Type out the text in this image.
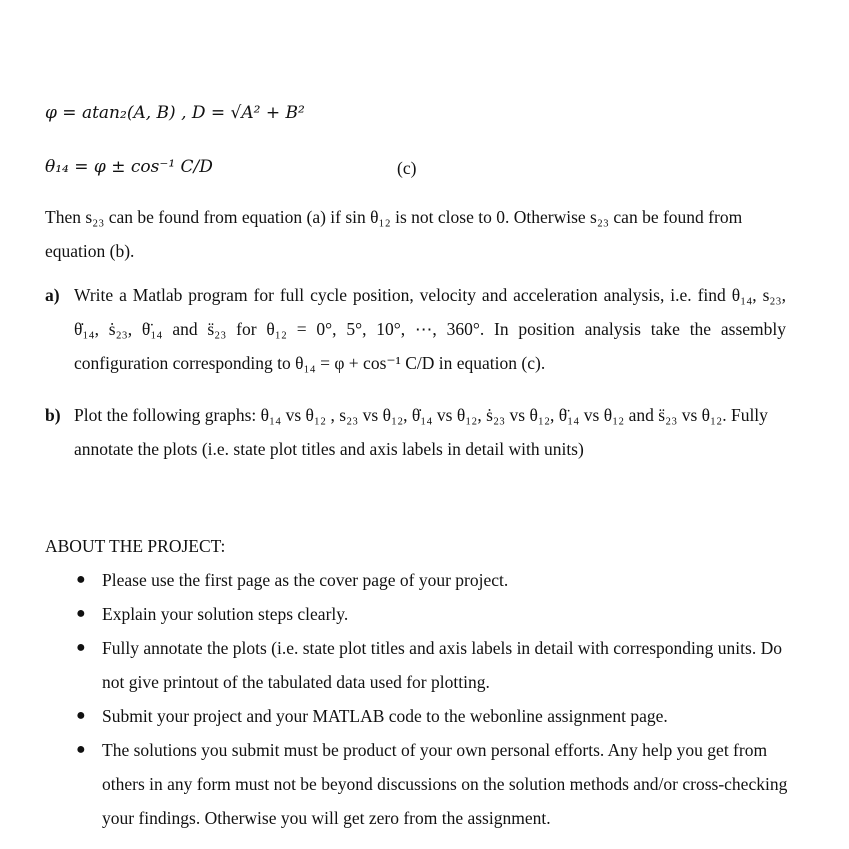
φ = atan₂(A, B) , D = √A² + B²
θ₁₄ = φ ± cos⁻¹ C/D	(c)
Then s₂₃ can be found from equation (a) if sin θ₁₂ is not close to 0. Otherwise s₂₃ can be found from equation (b).
a) Write a Matlab program for full cycle position, velocity and acceleration analysis, i.e. find θ₁₄, s₂₃, θ̇₁₄, ṡ₂₃, θ̈₁₄ and s̈₂₃ for θ₁₂ = 0°, 5°, 10°, ⋯, 360°. In position analysis take the assembly configuration corresponding to θ₁₄ = φ + cos⁻¹ C/D in equation (c).
b) Plot the following graphs: θ₁₄ vs θ₁₂ , s₂₃ vs θ₁₂, θ̇₁₄ vs θ₁₂, ṡ₂₃ vs θ₁₂, θ̈₁₄ vs θ₁₂ and s̈₂₃ vs θ₁₂. Fully annotate the plots (i.e. state plot titles and axis labels in detail with units)
ABOUT THE PROJECT:
● Please use the first page as the cover page of your project.
● Explain your solution steps clearly.
● Fully annotate the plots (i.e. state plot titles and axis labels in detail with corresponding units. Do not give printout of the tabulated data used for plotting.
● Submit your project and your MATLAB code to the webonline assignment page.
● The solutions you submit must be product of your own personal efforts. Any help you get from others in any form must not be beyond discussions on the solution methods and/or cross-checking your findings. Otherwise you will get zero from the assignment.
